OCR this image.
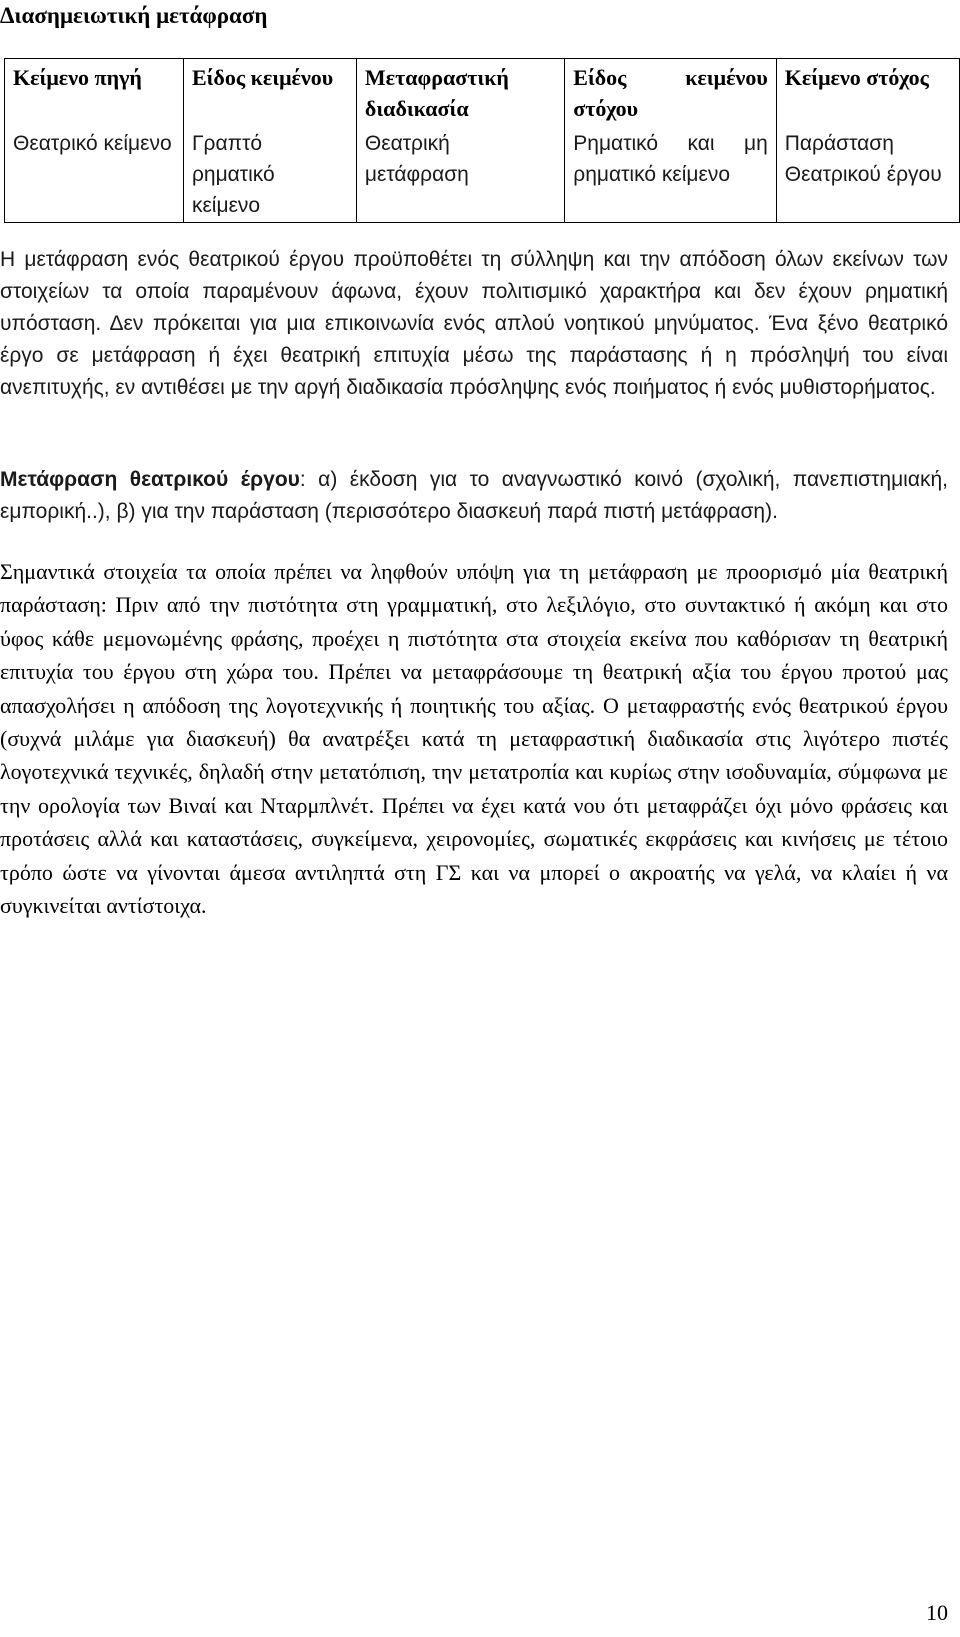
Διασημειωτική μετάφραση
Κείμενο πηγή	Είδος κειμένου	Μεταφραστική διαδικασία	Είδος κειμένου στόχου	Κείμενο στόχος
Θεατρικό κείμενο	Γραπτό ρηματικό κείμενο	Θεατρική μετάφραση	Ρηματικό και μη ρηματικό κείμενο	Παράσταση Θεατρικού έργου

Η μετάφραση ενός θεατρικού έργου προϋποθέτει τη σύλληψη και την απόδοση όλων εκείνων των στοιχείων τα οποία παραμένουν άφωνα, έχουν πολιτισμικό χαρακτήρα και δεν έχουν ρηματική υπόσταση. Δεν πρόκειται για μια επικοινωνία ενός απλού νοητικού μηνύματος. Ένα ξένο θεατρικό έργο σε μετάφραση ή έχει θεατρική επιτυχία μέσω της παράστασης ή η πρόσληψή του είναι ανεπιτυχής, εν αντιθέσει με την αργή διαδικασία πρόσληψης ενός ποιήματος ή ενός μυθιστορήματος.

Μετάφραση θεατρικού έργου: α) έκδοση για το αναγνωστικό κοινό (σχολική, πανεπιστημιακή, εμπορική..), β) για την παράσταση (περισσότερο διασκευή παρά πιστή μετάφραση).

Σημαντικά στοιχεία τα οποία πρέπει να ληφθούν υπόψη για τη μετάφραση με προορισμό μία θεατρική παράσταση: Πριν από την πιστότητα στη γραμματική, στο λεξιλόγιο, στο συντακτικό ή ακόμη και στο ύφος κάθε μεμονωμένης φράσης, προέχει η πιστότητα στα στοιχεία εκείνα που καθόρισαν τη θεατρική επιτυχία του έργου στη χώρα του. Πρέπει να μεταφράσουμε τη θεατρική αξία του έργου προτού μας απασχολήσει η απόδοση της λογοτεχνικής ή ποιητικής του αξίας. Ο μεταφραστής ενός θεατρικού έργου (συχνά μιλάμε για διασκευή) θα ανατρέξει κατά τη μεταφραστική διαδικασία στις λιγότερο πιστές λογοτεχνικά τεχνικές, δηλαδή στην μετατόπιση, την μετατροπία και κυρίως στην ισοδυναμία, σύμφωνα με την ορολογία των Βιναί και Νταρμπλνέτ. Πρέπει να έχει κατά νου ότι μεταφράζει όχι μόνο φράσεις και προτάσεις αλλά και καταστάσεις, συγκείμενα, χειρονομίες, σωματικές εκφράσεις και κινήσεις με τέτοιο τρόπο ώστε να γίνονται άμεσα αντιληπτά στη ΓΣ και να μπορεί ο ακροατής να γελά, να κλαίει ή να συγκινείται αντίστοιχα.

10
